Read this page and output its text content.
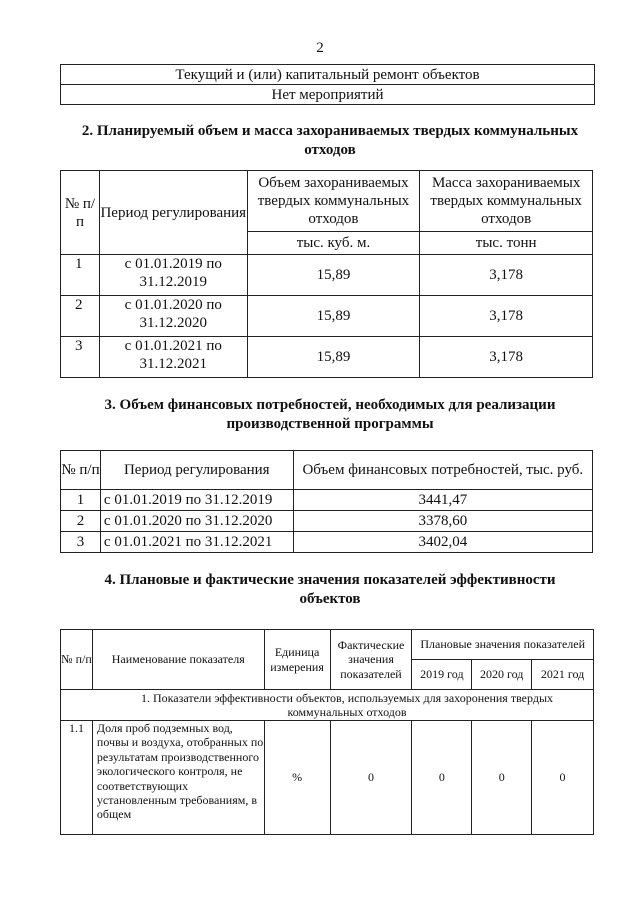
2
Текущий и (или) капитальный ремонт объектов
Нет мероприятий
2. Планируемый объем и масса захораниваемых твердых коммунальных
отходов
№ п/п	Период регулирования	Объем захораниваемых твердых коммунальных отходов	Масса захораниваемых твердых коммунальных отходов
		тыс. куб. м.	тыс. тонн
1	с 01.01.2019 по 31.12.2019	15,89	3,178
2	с 01.01.2020 по 31.12.2020	15,89	3,178
3	с 01.01.2021 по 31.12.2021	15,89	3,178
3. Объем финансовых потребностей, необходимых для реализации
производственной программы
№ п/п	Период регулирования	Объем финансовых потребностей, тыс. руб.
1	с 01.01.2019 по 31.12.2019	3441,47
2	с 01.01.2020 по 31.12.2020	3378,60
3	с 01.01.2021 по 31.12.2021	3402,04
4. Плановые и фактические значения показателей эффективности
объектов
№ п/п	Наименование показателя	Единица измерения	Фактические значения показателей	Плановые значения показателей		
				2019 год	2020 год	2021 год
1. Показатели эффективности объектов, используемых для захоронения твердых коммунальных отходов						
1.1	Доля проб подземных вод, почвы и воздуха, отобранных по результатам производственного экологического контроля, не соответствующих установленным требованиям, в общем	%	0	0	0	0
